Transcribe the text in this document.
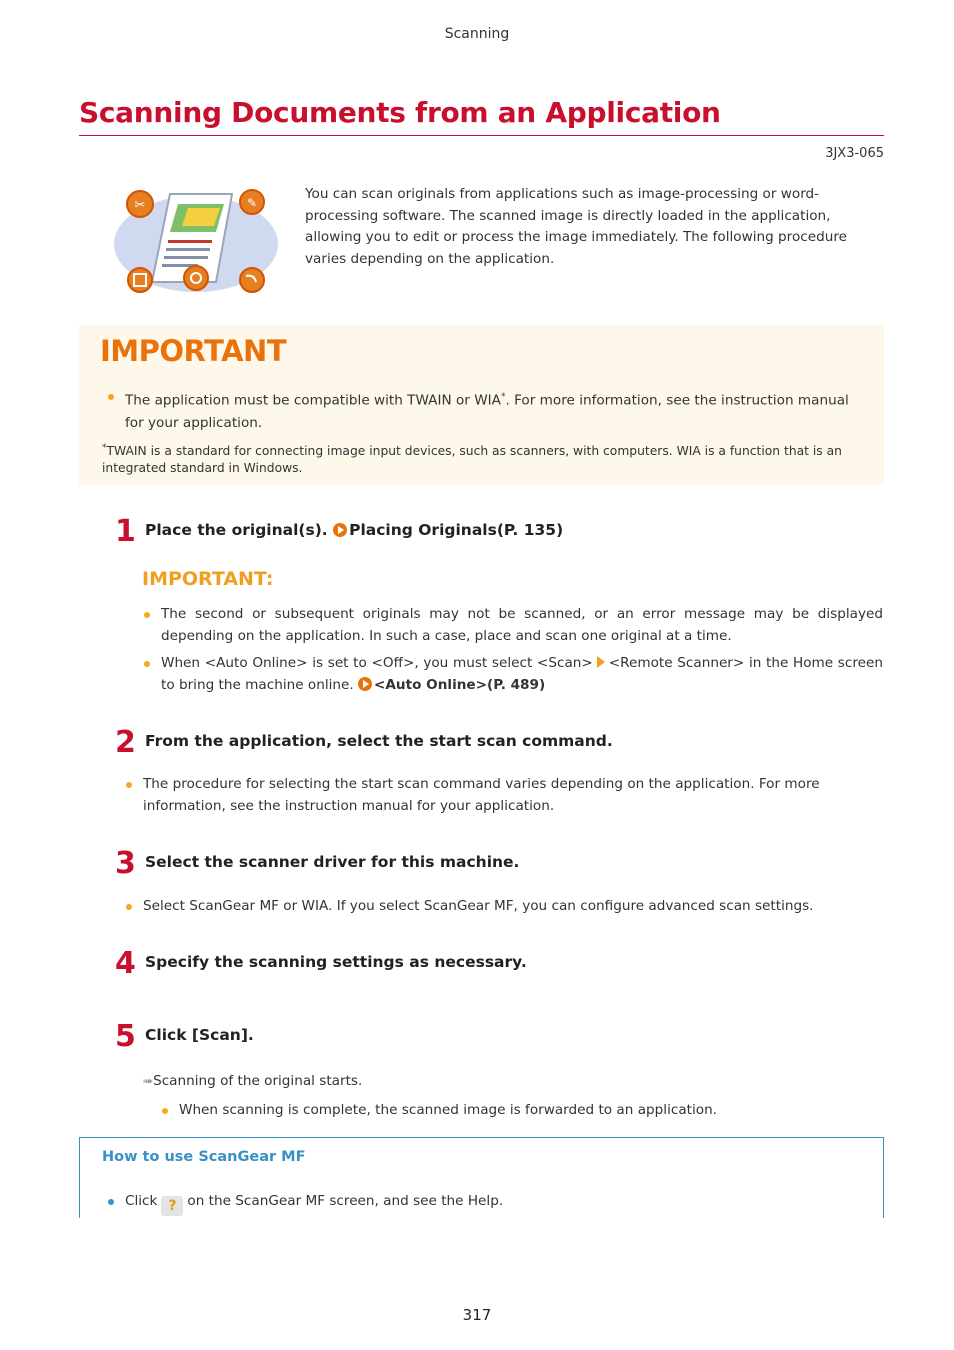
Scanning
Scanning Documents from an Application
3JX3-065
✂	✎
You can scan originals from applications such as image-processing or word-processing software. The scanned image is directly loaded in the application, allowing you to edit or process the image immediately. The following procedure varies depending on the application.
IMPORTANT
The application must be compatible with TWAIN or WIA*. For more information, see the instruction manual for your application.
*TWAIN is a standard for connecting image input devices, such as scanners, with computers. WIA is a function that is an integrated standard in Windows.
1 Place the original(s). Placing Originals(P. 135)
IMPORTANT:
The second or subsequent originals may not be scanned, or an error message may be displayed depending on the application. In such a case, place and scan one original at a time.
When <Auto Online> is set to <Off>, you must select <Scan> <Remote Scanner> in the Home screen to bring the machine online. <Auto Online>(P. 489)
2 From the application, select the start scan command.
The procedure for selecting the start scan command varies depending on the application. For more information, see the instruction manual for your application.
3 Select the scanner driver for this machine.
Select ScanGear MF or WIA. If you select ScanGear MF, you can configure advanced scan settings.
4 Specify the scanning settings as necessary.
5 Click [Scan].
➠Scanning of the original starts.
When scanning is complete, the scanned image is forwarded to an application.
How to use ScanGear MF
Click ? on the ScanGear MF screen, and see the Help.
317
